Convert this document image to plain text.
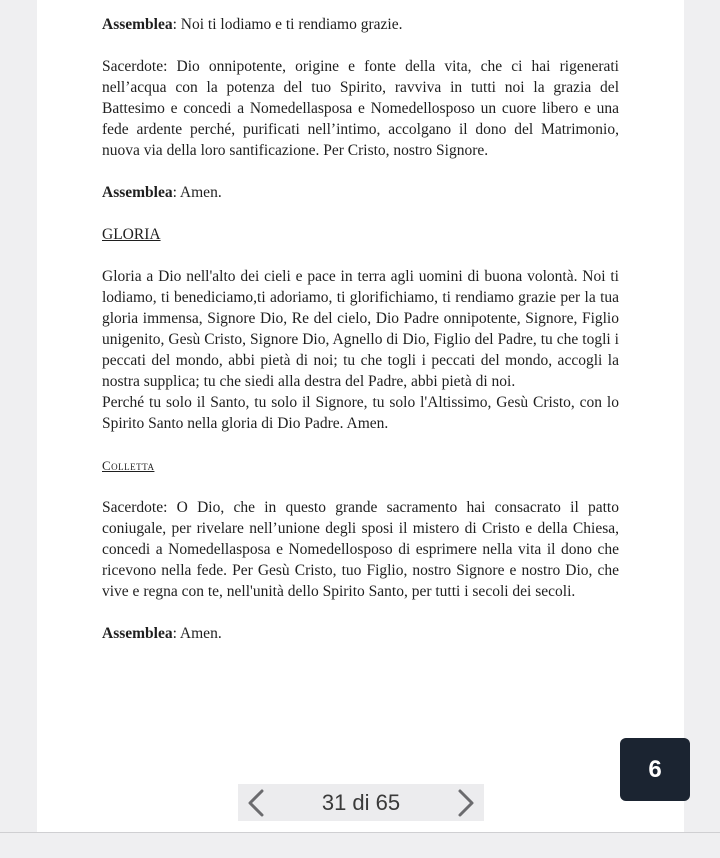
Assemblea: Noi ti lodiamo e ti rendiamo grazie.

Sacerdote: Dio onnipotente, origine e fonte della vita, che ci hai rigenerati nell’acqua con la potenza del tuo Spirito, ravviva in tutti noi la grazia del Battesimo e concedi a Nomedellasposa e Nomedellosposo un cuore libero e una fede ardente perché, purificati nell’intimo, accolgano il dono del Matrimonio, nuova via della loro santificazione. Per Cristo, nostro Signore.

Assemblea: Amen.

GLORIA

Gloria a Dio nell'alto dei cieli e pace in terra agli uomini di buona volontà. Noi ti lodiamo, ti benediciamo,ti adoriamo, ti glorifichiamo, ti rendiamo grazie per la tua gloria immensa, Signore Dio, Re del cielo, Dio Padre onnipotente, Signore, Figlio unigenito, Gesù Cristo, Signore Dio, Agnello di Dio, Figlio del Padre, tu che togli i peccati del mondo, abbi pietà di noi; tu che togli i peccati del mondo, accogli la nostra supplica; tu che siedi alla destra del Padre, abbi pietà di noi.

Perché tu solo il Santo, tu solo il Signore, tu solo l'Altissimo, Gesù Cristo, con lo Spirito Santo nella gloria di Dio Padre. Amen.

Colletta

Sacerdote: O Dio, che in questo grande sacramento hai consacrato il patto coniugale, per rivelare nell’unione degli sposi il mistero di Cristo e della Chiesa, concedi a Nomedellasposa e Nomedellosposo di esprimere nella vita il dono che ricevono nella fede. Per Gesù Cristo, tuo Figlio, nostro Signore e nostro Dio, che vive e regna con te, nell'unità dello Spirito Santo, per tutti i secoli dei secoli.

Assemblea: Amen.

6
31 di 65
